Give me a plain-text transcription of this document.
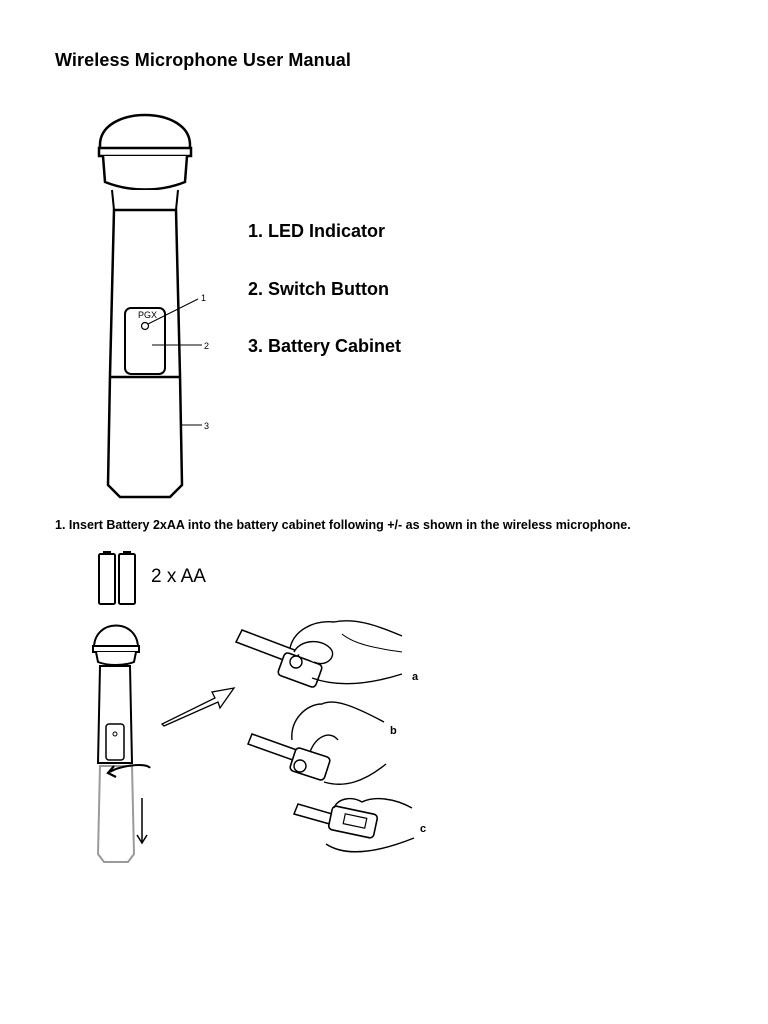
Wireless Microphone User Manual
PGX
1
2
3
1. LED Indicator
2. Switch Button
3. Battery Cabinet
1. Insert Battery 2xAA into the battery cabinet following +/- as shown in the wireless microphone.
2 x AA
a
b
c
